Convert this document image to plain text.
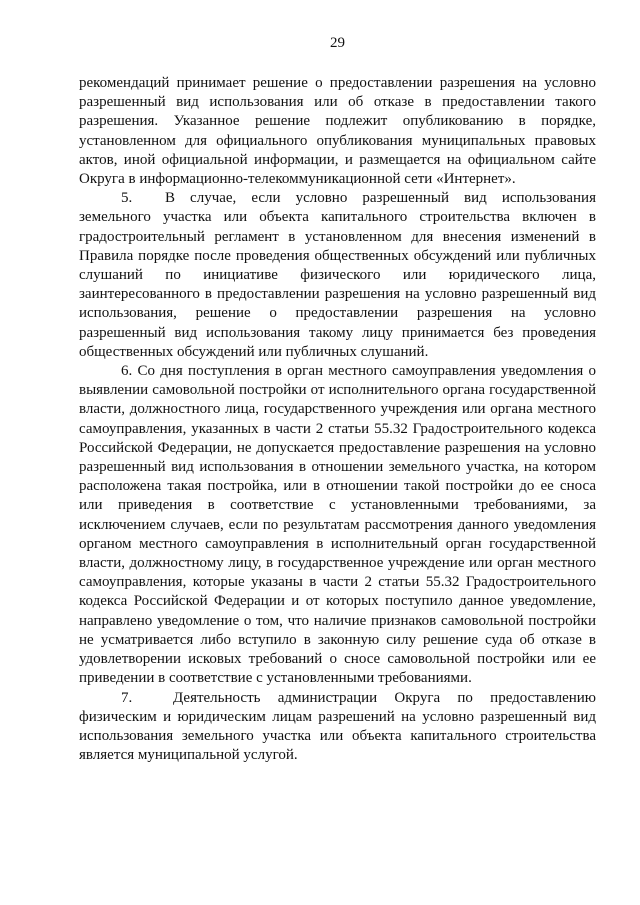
29

рекомендаций принимает решение о предоставлении разрешения на условно разрешенный вид использования или об отказе в предоставлении такого разрешения. Указанное решение подлежит опубликованию в порядке, установленном для официального опубликования муниципальных правовых актов, иной официальной информации, и размещается на официальном сайте Округа в информационно-телекоммуникационной сети «Интернет».

5. В случае, если условно разрешенный вид использования земельного участка или объекта капитального строительства включен в градостроительный регламент в установленном для внесения изменений в Правила порядке после проведения общественных обсуждений или публичных слушаний по инициативе физического или юридического лица, заинтересованного в предоставлении разрешения на условно разрешенный вид использования, решение о предоставлении разрешения на условно разрешенный вид использования такому лицу принимается без проведения общественных обсуждений или публичных слушаний.

6. Со дня поступления в орган местного самоуправления уведомления о выявлении самовольной постройки от исполнительного органа государственной власти, должностного лица, государственного учреждения или органа местного самоуправления, указанных в части 2 статьи 55.32 Градостроительного кодекса Российской Федерации, не допускается предоставление разрешения на условно разрешенный вид использования в отношении земельного участка, на котором расположена такая постройка, или в отношении такой постройки до ее сноса или приведения в соответствие с установленными требованиями, за исключением случаев, если по результатам рассмотрения данного уведомления органом местного самоуправления в исполнительный орган государственной власти, должностному лицу, в государственное учреждение или орган местного самоуправления, которые указаны в части 2 статьи 55.32 Градостроительного кодекса Российской Федерации и от которых поступило данное уведомление, направлено уведомление о том, что наличие признаков самовольной постройки не усматривается либо вступило в законную силу решение суда об отказе в удовлетворении исковых требований о сносе самовольной постройки или ее приведении в соответствие с установленными требованиями.

7.	Деятельность администрации Округа по предоставлению физическим и юридическим лицам разрешений на условно разрешенный вид использования земельного участка или объекта капитального строительства является муниципальной услугой.
